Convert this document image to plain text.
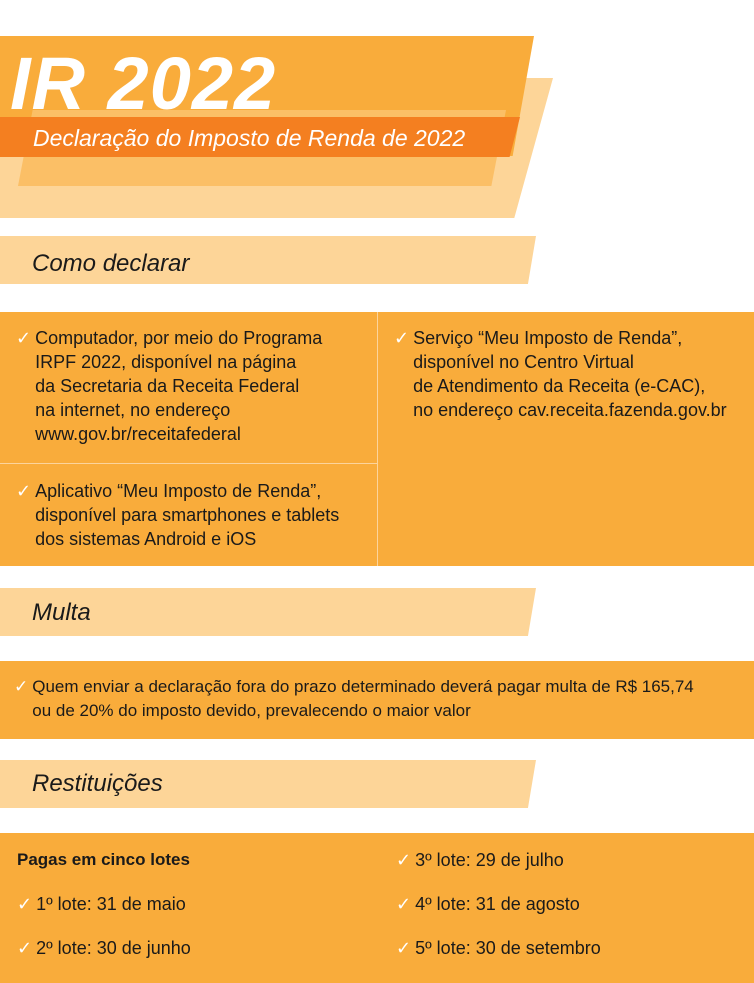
IR 2022
Declaração do Imposto de Renda de 2022
Como declarar
✓ Computador, por meio do Programa
IRPF 2022, disponível na página
da Secretaria da Receita Federal
na internet, no endereço
www.gov.br/receitafederal
✓ Aplicativo “Meu Imposto de Renda”,
disponível para smartphones e tablets
dos sistemas Android e iOS
✓ Serviço “Meu Imposto de Renda”,
disponível no Centro Virtual
de Atendimento da Receita (e-CAC),
no endereço cav.receita.fazenda.gov.br
Multa
✓ Quem enviar a declaração fora do prazo determinado deverá pagar multa de R$ 165,74
ou de 20% do imposto devido, prevalecendo o maior valor
Restituições
Pagas em cinco lotes
✓ 1º lote: 31 de maio
✓ 2º lote: 30 de junho
✓ 3º lote: 29 de julho
✓ 4º lote: 31 de agosto
✓ 5º lote: 30 de setembro
